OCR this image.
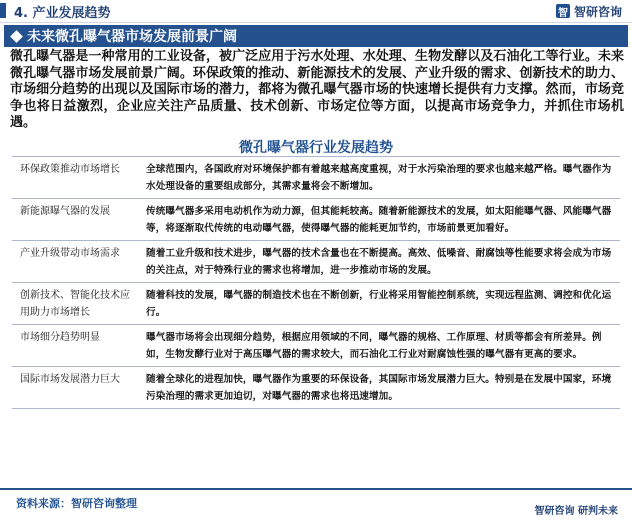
4. 产业发展趋势	智 智研咨询
未来微孔曝气器市场发展前景广阔

微孔曝气器是一种常用的工业设备，被广泛应用于污水处理、水处理、生物发酵以及石油化工等行业。未来微孔曝气器市场发展前景广阔。环保政策的推动、新能源技术的发展、产业升级的需求、创新技术的助力、市场细分趋势的出现以及国际市场的潜力，都将为微孔曝气器市场的快速增长提供有力支撑。然而，市场竞争也将日益激烈，企业应关注产品质量、技术创新、市场定位等方面，以提高市场竞争力，并抓住市场机遇。

微孔曝气器行业发展趋势
环保政策推动市场增长	全球范围内，各国政府对环境保护都有着越来越高度重视，对于水污染治理的要求也越来越严格。曝气器作为水处理设备的重要组成部分，其需求量将会不断增加。
新能源曝气器的发展	传统曝气器多采用电动机作为动力源，但其能耗较高。随着新能源技术的发展，如太阳能曝气器、风能曝气器等，将逐渐取代传统的电动曝气器，使得曝气器的能耗更加节约，市场前景更加看好。
产业升级带动市场需求	随着工业升级和技术进步，曝气器的技术含量也在不断提高。高效、低噪音、耐腐蚀等性能要求将会成为市场的关注点，对于特殊行业的需求也将增加，进一步推动市场的发展。
创新技术、智能化技术应用助力市场增长	随着科技的发展，曝气器的制造技术也在不断创新，行业将采用智能控制系统，实现远程监测、调控和优化运行。
市场细分趋势明显	曝气器市场将会出现细分趋势，根据应用领域的不同，曝气器的规格、工作原理、材质等都会有所差异。例如，生物发酵行业对于高压曝气器的需求较大，而石油化工行业对耐腐蚀性强的曝气器有更高的要求。
国际市场发展潜力巨大	随着全球化的进程加快，曝气器作为重要的环保设备，其国际市场发展潜力巨大。特别是在发展中国家，环境污染治理的需求更加迫切，对曝气器的需求也将迅速增加。
资料来源：智研咨询整理
智研咨询 研判未来
